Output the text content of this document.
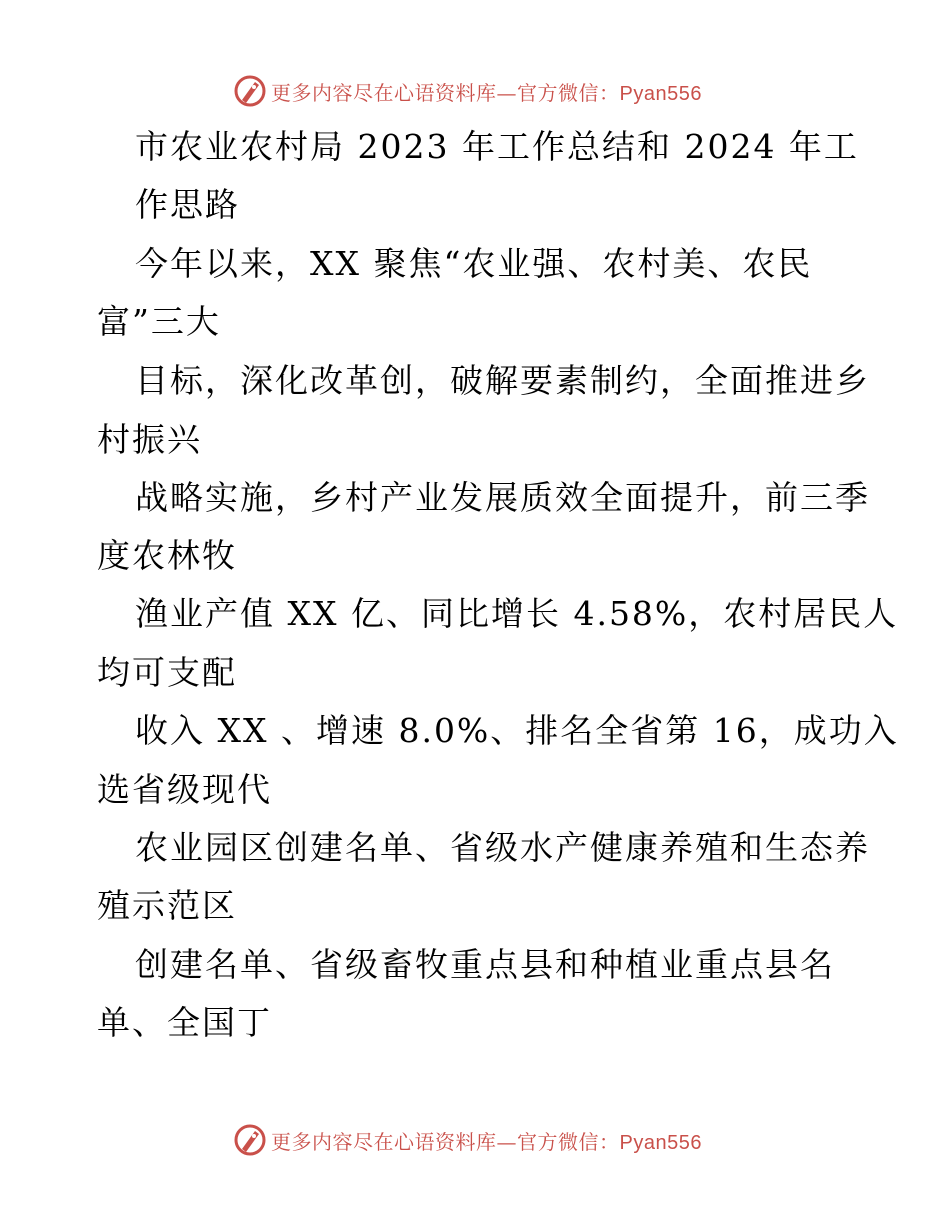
更多内容尽在心语资料库—官方微信：Pyan556
市农业农村局 2023 年工作总结和 2024 年工
作思路
今年以来，XX 聚焦“农业强、农村美、农民
富”三大
目标，深化改革创，破解要素制约，全面推进乡
村振兴
战略实施，乡村产业发展质效全面提升，前三季
度农林牧
渔业产值 XX 亿、同比增长 4.58%，农村居民人
均可支配
收入 XX 、增速 8.0%、排名全省第 16，成功入
选省级现代
农业园区创建名单、省级水产健康养殖和生态养
殖示范区
创建名单、省级畜牧重点县和种植业重点县名
单、全国丁
更多内容尽在心语资料库—官方微信：Pyan556
